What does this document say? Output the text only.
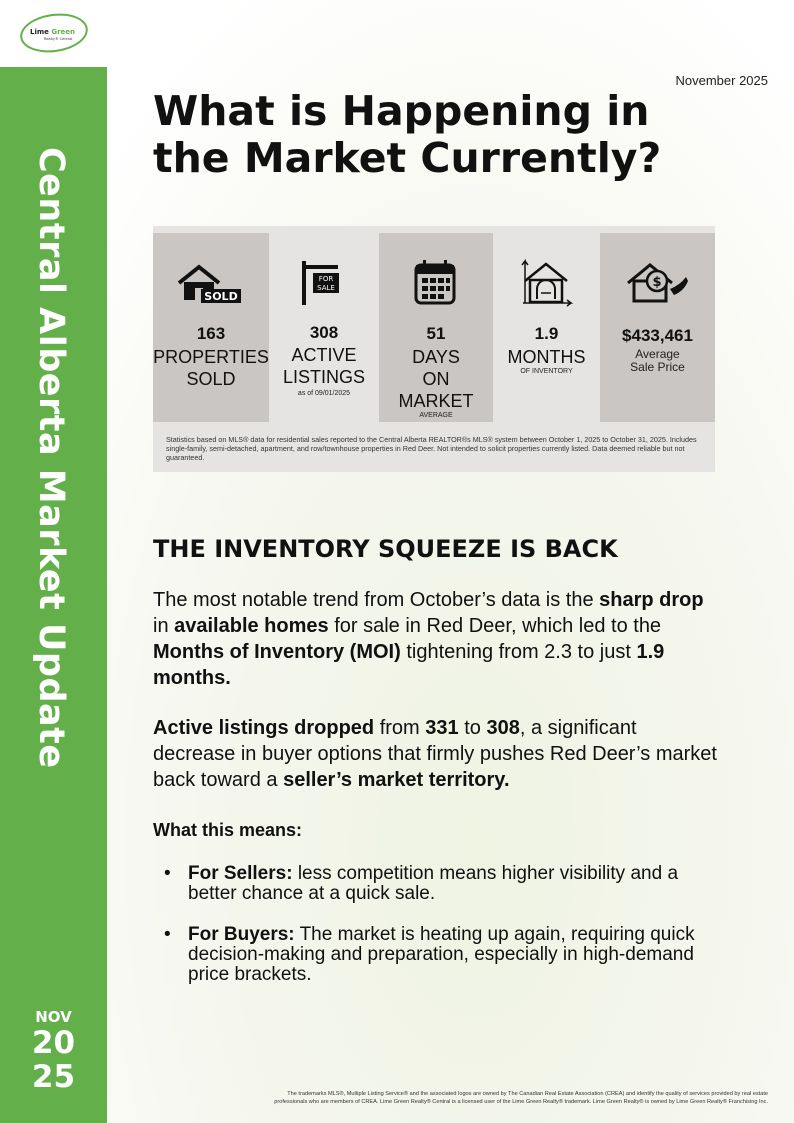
Lime Green
Realty® Central
Central Alberta Market Update
NOV
20
25
November 2025
What is Happening in
the Market Currently?
SOLD
163
PROPERTIES
SOLD
FOR
SALE
308
ACTIVE
LISTINGS
as of 09/01/2025
51
DAYS
ON
MARKET
AVERAGE
1.9
MONTHS
OF INVENTORY
$
$433,461
Average
Sale Price
Statistics based on MLS® data for residential sales reported to the Central Alberta REALTOR®s MLS® system between October 1, 2025 to October 31, 2025. Includes single-family, semi-detached, apartment, and row/townhouse properties in Red Deer. Not intended to solicit properties currently listed. Data deemed reliable but not guaranteed.
THE INVENTORY SQUEEZE IS BACK
The most notable trend from October’s data is the sharp drop in available homes for sale in Red Deer, which led to the Months of Inventory (MOI) tightening from 2.3 to just 1.9 months.
Active listings dropped from 331 to 308, a significant decrease in buyer options that firmly pushes Red Deer’s market back toward a seller’s market territory.
What this means:
• For Sellers: less competition means higher visibility and a better chance at a quick sale.
• For Buyers: The market is heating up again, requiring quick decision-making and preparation, especially in high-demand price brackets.
The trademarks MLS®, Multiple Listing Service® and the associated logos are owned by The Canadian Real Estate Association (CREA) and identify the quality of services provided by real estate
professionals who are members of CREA. Lime Green Realty® Central is a licensed user of the Lime Green Realty® trademark. Lime Green Realty® is owned by Lime Green Realty® Franchising Inc.
